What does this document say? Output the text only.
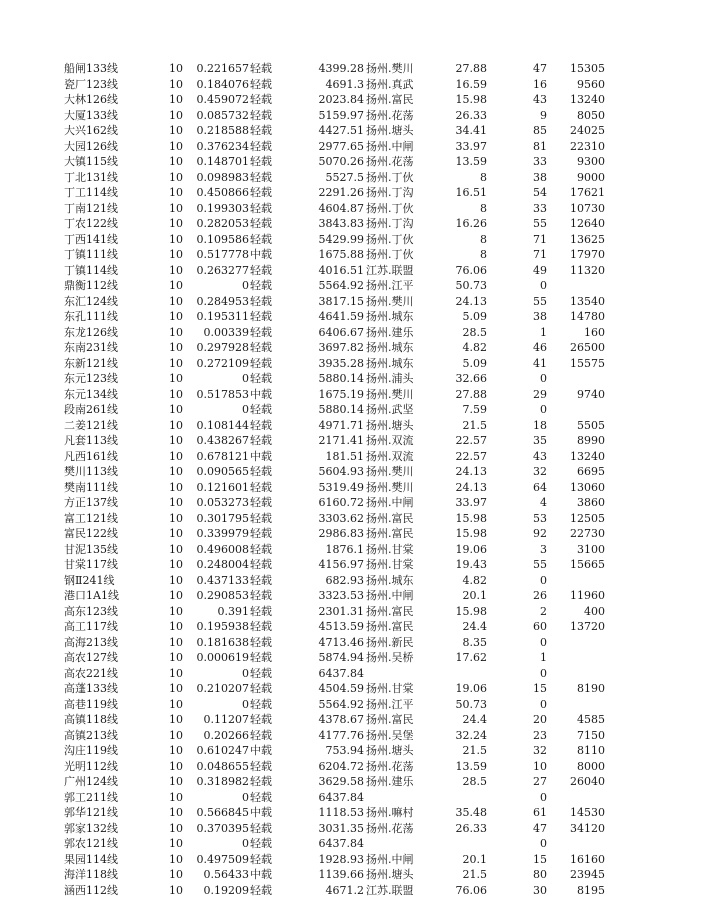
船闸133线	10 0.221657 轻载	4399.28 扬州.樊川	27.88	47 15305
瓷厂123线	10 0.184076 轻载	4691.3 扬州.真武	16.59	16	9560
大林126线	10 0.459072 轻载	2023.84 扬州.富民	15.98	43 13240
大厦133线	10 0.085732 轻载	5159.97 扬州.花荡	26.33	9	8050
大兴162线	10 0.218588 轻载	4427.51 扬州.塘头	34.41	85 24025
大园126线	10 0.376234 轻载	2977.65 扬州.中闸	33.97	81 22310
大镇115线	10 0.148701 轻载	5070.26 扬州.花荡	13.59	33	9300
丁北131线	10 0.098983 轻载	5527.5 扬州.丁伙	8	38	9000
丁工114线	10 0.450866 轻载	2291.26 扬州.丁沟	16.51	54 17621
丁南121线	10 0.199303 轻载	4604.87 扬州.丁伙	8	33 10730
丁农122线	10 0.282053 轻载	3843.83 扬州.丁沟	16.26	55 12640
丁西141线	10 0.109586 轻载	5429.99 扬州.丁伙	8	71 13625
丁镇111线	10 0.517778 中载	1675.88 扬州.丁伙	8	71 17970
丁镇114线	10 0.263277 轻载	4016.51 江苏.联盟	76.06	49 11320
鼎衡112线	10	0 轻载	5564.92 扬州.江平	50.73	0
东汇124线	10 0.284953 轻载	3817.15 扬州.樊川	24.13	55 13540
东孔111线	10 0.195311 轻载	4641.59 扬州.城东	5.09	38 14780
东龙126线	10 0.00339 轻载	6406.67 扬州.建乐	28.5	1	160
东南231线	10 0.297928 轻载	3697.82 扬州.城东	4.82	46 26500
东新121线	10 0.272109 轻载	3935.28 扬州.城东	5.09	41 15575
东元123线	10	0 轻载	5880.14 扬州.浦头	32.66	0
东元134线	10 0.517853 中载	1675.19 扬州.樊川	27.88	29	9740
段南261线	10	0 轻载	5880.14 扬州.武坚	7.59	0
二姜121线	10 0.108144 轻载	4971.71 扬州.塘头	21.5	18	5505
凡套113线	10 0.438267 轻载	2171.41 扬州.双流	22.57	35	8990
凡西161线	10 0.678121 中载	181.51 扬州.双流	22.57	43 13240
樊川113线	10 0.090565 轻载	5604.93 扬州.樊川	24.13	32	6695
樊南111线	10 0.121601 轻载	5319.49 扬州.樊川	24.13	64 13060
方正137线	10 0.053273 轻载	6160.72 扬州.中闸	33.97	4	3860
富工121线	10 0.301795 轻载	3303.62 扬州.富民	15.98	53 12505
富民122线	10 0.339979 轻载	2986.83 扬州.富民	15.98	92 22730
甘泥135线	10 0.496008 轻载	1876.1 扬州.甘棠	19.06	3	3100
甘棠117线	10 0.248004 轻载	4156.97 扬州.甘棠	19.43	55 15665
钢Ⅱ241线	10 0.437133 轻载	682.93 扬州.城东	4.82	0
港口1A1线	10 0.290853 轻载	3323.53 扬州.中闸	20.1	26 11960
高东123线	10	0.391 轻载	2301.31 扬州.富民	15.98	2	400
高工117线	10 0.195938 轻载	4513.59 扬州.富民	24.4	60 13720
高海213线	10 0.181638 轻载	4713.46 扬州.新民	8.35	0
高农127线	10 0.000619 轻载	5874.94 扬州.吴桥	17.62	1
高农221线	10	0 轻载	6437.84	0
高蓬133线	10 0.210207 轻载	4504.59 扬州.甘棠	19.06	15	8190
高巷119线	10	0 轻载	5564.92 扬州.江平	50.73	0
高镇118线	10 0.11207 轻载	4378.67 扬州.富民	24.4	20	4585
高镇213线	10 0.20266 轻载	4177.76 扬州.吴堡	32.24	23	7150
沟庄119线	10 0.610247 中载	753.94 扬州.塘头	21.5	32	8110
光明112线	10 0.048655 轻载	6204.72 扬州.花荡	13.59	10	8000
广州124线	10 0.318982 轻载	3629.58 扬州.建乐	28.5	27 26040
郭工211线	10	0 轻载	6437.84	0
郭华121线	10 0.566845 中载	1118.53 扬州.嘛村	35.48	61 14530
郭家132线	10 0.370395 轻载	3031.35 扬州.花荡	26.33	47 34120
郭农121线	10	0 轻载	6437.84	0
果园114线	10 0.497509 轻载	1928.93 扬州.中闸	20.1	15 16160
海洋118线	10 0.56433 中载	1139.66 扬州.塘头	21.5	80 23945
涵西112线	10 0.19209 轻载	4671.2 江苏.联盟	76.06	30	8195
